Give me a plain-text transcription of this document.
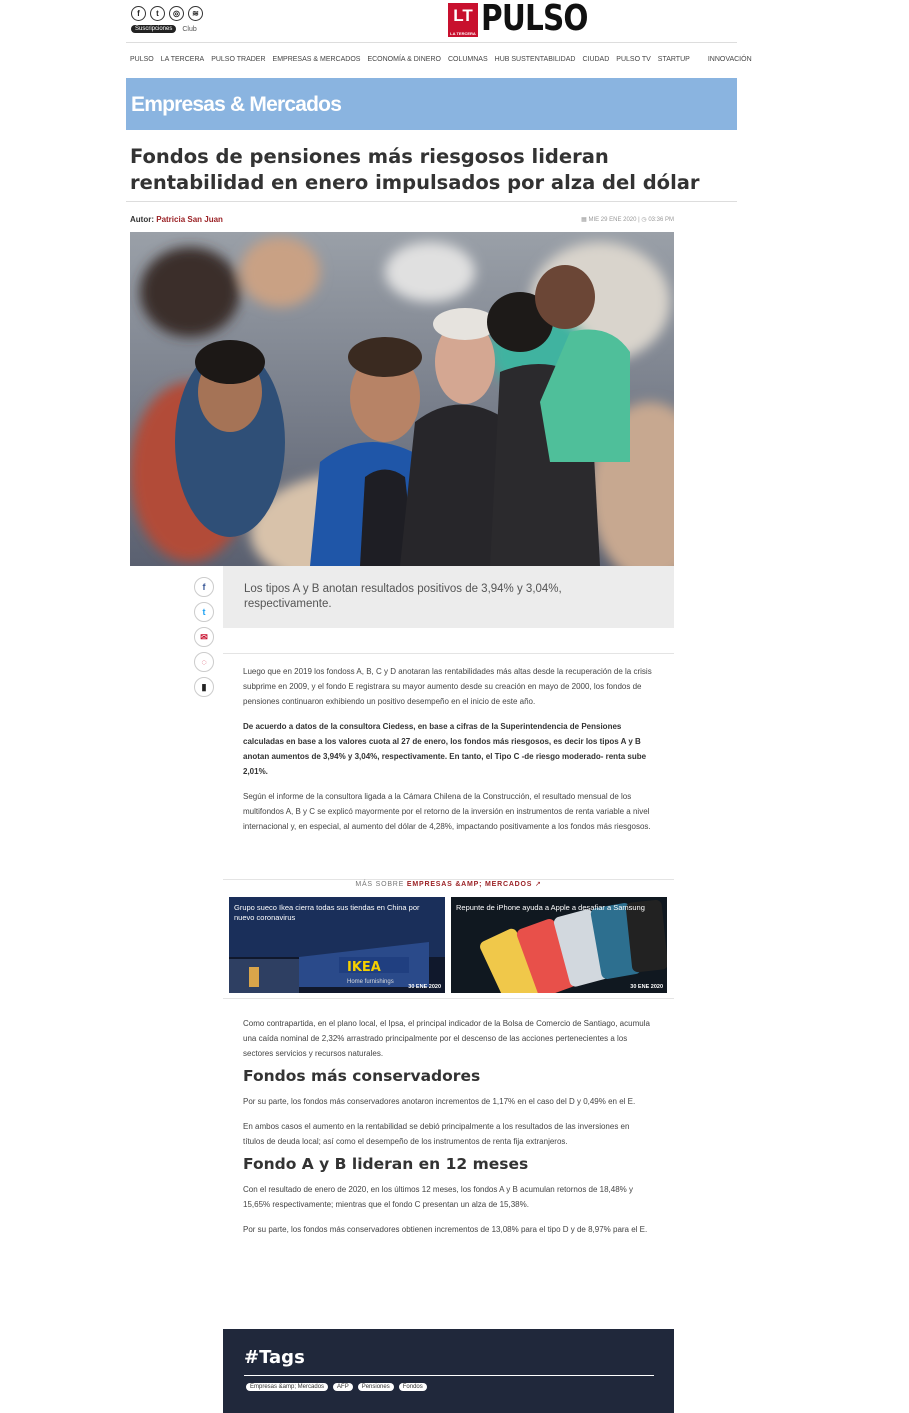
f	t	◎	≋
Suscripciones	Club
LT
LA TERCERA PULSO
PULSO LA TERCERA PULSO TRADER EMPRESAS & MERCADOS ECONOMÍA & DINERO COLUMNAS HUB SUSTENTABILIDAD CIUDAD PULSO TV STARTUP	INNOVACIÓN
Empresas & Mercados
Fondos de pensiones más riesgosos lideran rentabilidad en enero impulsados por alza del dólar
Autor: Patricia San Juan	▦ MIE 29 ENE 2020 | ◷ 03:36 PM
f
t
✉
◌
▮

Los tipos A y B anotan resultados positivos de 3,94% y 3,04%, respectivamente.

Luego que en 2019 los fondoss A, B, C y D anotaran las rentabilidades más altas desde la recuperación de la crisis subprime en 2009, y el fondo E registrara su mayor aumento desde su creación en mayo de 2000, los fondos de pensiones continuaron exhibiendo un positivo desempeño en el inicio de este año.

De acuerdo a datos de la consultora Ciedess, en base a cifras de la Superintendencia de Pensiones calculadas en base a los valores cuota al 27 de enero, los fondos más riesgosos, es decir los tipos A y B anotan aumentos de 3,94% y 3,04%, respectivamente. En tanto, el Tipo C -de riesgo moderado- renta sube 2,01%.

Según el informe de la consultora ligada a la Cámara Chilena de la Construcción, el resultado mensual de los multifondos A, B y C se explicó mayormente por el retorno de la inversión en instrumentos de renta variable a nivel internacional y, en especial, al aumento del dólar de 4,28%, impactando positivamente a los fondos más riesgosos.

MÁS SOBRE EMPRESAS &AMP; MERCADOS ↗
IKEA
Home furnishings
Grupo sueco Ikea cierra todas sus tiendas en China por nuevo coronavirus
30 ENE 2020
Repunte de iPhone ayuda a Apple a desafiar a Samsung
30 ENE 2020

Como contrapartida, en el plano local, el Ipsa, el principal indicador de la Bolsa de Comercio de Santiago, acumula una caída nominal de 2,32% arrastrado principalmente por el descenso de las acciones pertenecientes a los sectores servicios y recursos naturales.

Fondos más conservadores

Por su parte, los fondos más conservadores anotaron incrementos de 1,17% en el caso del D y 0,49% en el E.

En ambos casos el aumento en la rentabilidad se debió principalmente a los resultados de las inversiones en títulos de deuda local; así como el desempeño de los instrumentos de renta fija extranjeros.

Fondo A y B lideran en 12 meses

Con el resultado de enero de 2020, en los últimos 12 meses, los fondos A y B acumulan retornos de 18,48% y 15,65% respectivamente; mientras que el fondo C presentan un alza de 15,38%.

Por su parte, los fondos más conservadores obtienen incrementos de 13,08% para el tipo D y de 8,97% para el E.

#Tags
Empresas &amp; Mercados	AFP	Pensiones	Fondos
